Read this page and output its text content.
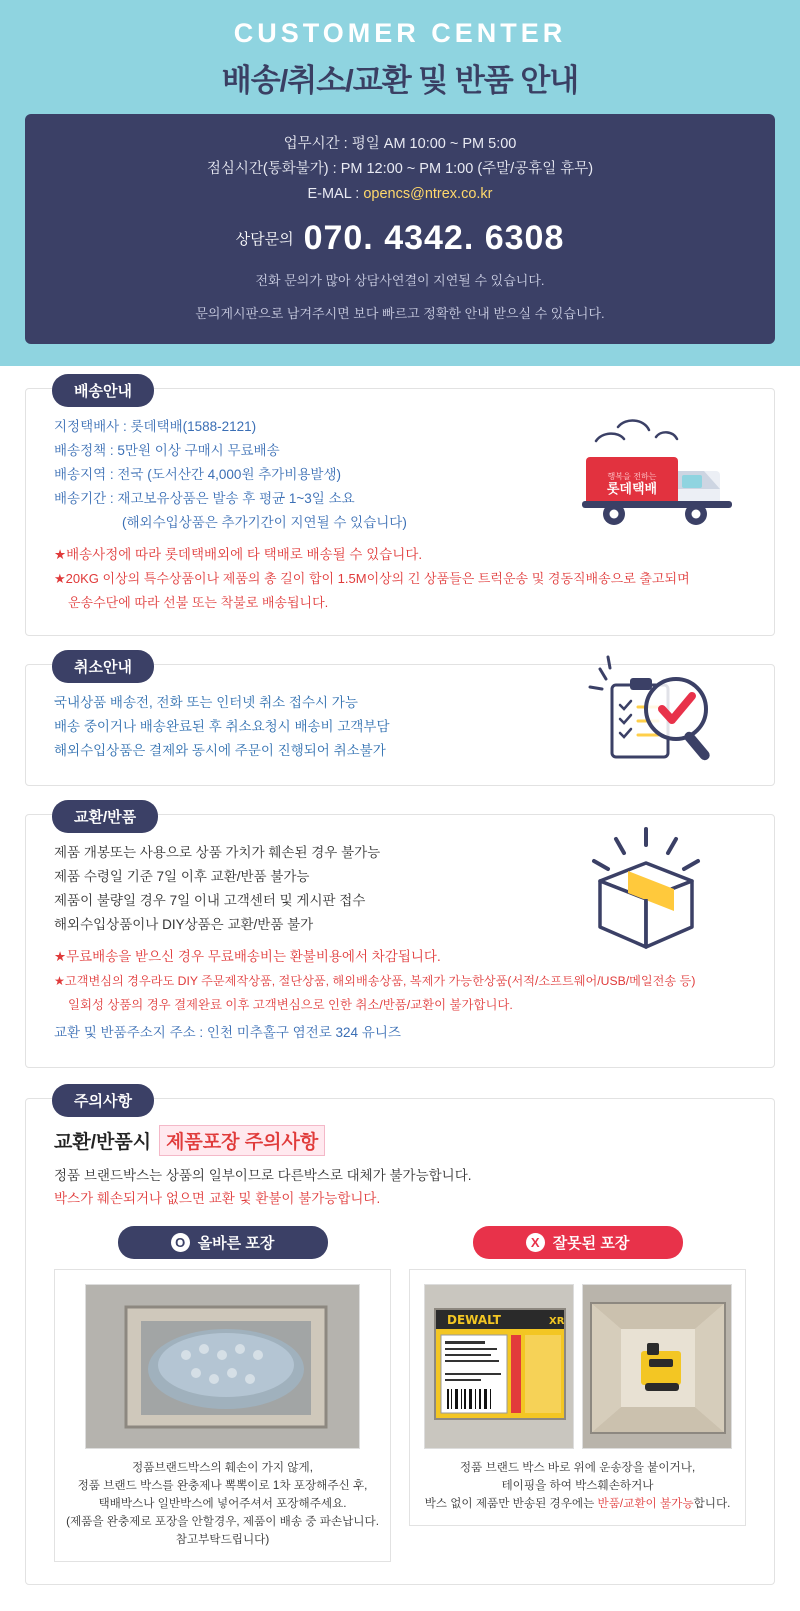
CUSTOMER CENTER
배송/취소/교환 및 반품 안내
업무시간 : 평일 AM 10:00 ~ PM 5:00
점심시간(통화불가) : PM 12:00 ~ PM 1:00 (주말/공휴일 휴무)
E-MAL : opencs@ntrex.co.kr
상담문의 070. 4342. 6308
전화 문의가 많아 상담사연결이 지연될 수 있습니다.
문의게시판으로 남겨주시면 보다 빠르고 정확한 안내 받으실 수 있습니다.
배송안내
행복을 전하는
롯데택배
지정택배사 : 롯데택배(1588-2121)
배송정책 : 5만원 이상 구매시 무료배송
배송지역 : 전국 (도서산간 4,000원 추가비용발생)
배송기간 : 재고보유상품은 발송 후 평균 1~3일 소요
(해외수입상품은 추가기간이 지연될 수 있습니다)
★배송사정에 따라 롯데택배외에 타 택배로 배송될 수 있습니다.
★20KG 이상의 특수상품이나 제품의 총 길이 합이 1.5M이상의 긴 상품들은 트럭운송 및 경동직배송으로 출고되며
운송수단에 따라 선불 또는 착불로 배송됩니다.
취소안내
국내상품 배송전, 전화 또는 인터넷 취소 접수시 가능
배송 중이거나 배송완료된 후 취소요청시 배송비 고객부담
해외수입상품은 결제와 동시에 주문이 진행되어 취소불가
교환/반품
제품 개봉또는 사용으로 상품 가치가 훼손된 경우 불가능
제품 수령일 기준 7일 이후 교환/반품 불가능
제품이 불량일 경우 7일 이내 고객센터 및 게시판 접수
해외수입상품이나 DIY상품은 교환/반품 불가
★무료배송을 받으신 경우 무료배송비는 환불비용에서 차감됩니다.
★고객변심의 경우라도 DIY 주문제작상품, 절단상품, 해외배송상품, 복제가 가능한상품(서적/소프트웨어/USB/메일전송 등)
일회성 상품의 경우 결제완료 이후 고객변심으로 인한 취소/반품/교환이 불가합니다.
교환 및 반품주소지 주소 : 인천 미추홀구 염전로 324 유니즈
주의사항
교환/반품시 제품포장 주의사항
정품 브랜드박스는 상품의 일부이므로 다른박스로 대체가 불가능합니다.
박스가 훼손되거나 없으면 교환 및 환불이 불가능합니다.
O 올바른 포장
정품브랜드박스의 훼손이 가지 않게,
정품 브랜드 박스를 완충제나 뽁뽁이로 1차 포장해주신 후,
택배박스나 일반박스에 넣어주셔서 포장해주세요.
(제품을 완충제로 포장을 안할경우, 제품이 배송 중 파손납니다.
참고부탁드립니다)
X 잘못된 포장
DEWALT	XR
정품 브랜드 박스 바로 위에 운송장을 붙이거나,
테이핑을 하여 박스훼손하거나
박스 없이 제품만 반송된 경우에는 반품/교환이 불가능합니다.
